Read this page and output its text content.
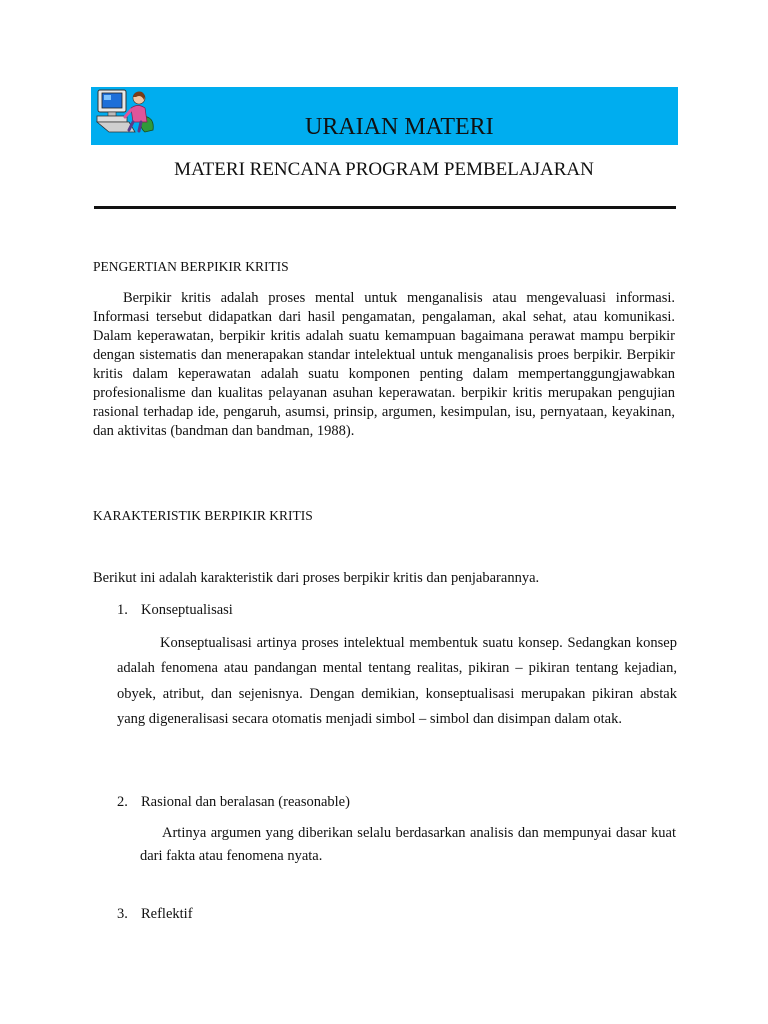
URAIAN MATERI
MATERI RENCANA PROGRAM PEMBELAJARAN
PENGERTIAN BERPIKIR KRITIS
Berpikir kritis adalah proses mental untuk menganalisis atau mengevaluasi informasi. Informasi tersebut didapatkan dari hasil pengamatan, pengalaman, akal sehat, atau komunikasi. Dalam keperawatan, berpikir kritis adalah suatu kemampuan bagaimana perawat mampu berpikir dengan sistematis dan menerapakan standar intelektual untuk menganalisis proes berpikir. Berpikir kritis dalam keperawatan adalah suatu komponen penting dalam mempertanggungjawabkan profesionalisme dan kualitas pelayanan asuhan keperawatan. berpikir kritis merupakan pengujian rasional terhadap ide, pengaruh, asumsi, prinsip, argumen, kesimpulan, isu, pernyataan, keyakinan, dan aktivitas (bandman dan bandman, 1988).
KARAKTERISTIK BERPIKIR KRITIS
Berikut ini adalah karakteristik dari proses berpikir kritis dan penjabarannya.
1. Konseptualisasi
Konseptualisasi artinya proses intelektual membentuk suatu konsep. Sedangkan konsep adalah fenomena atau pandangan mental tentang realitas, pikiran – pikiran tentang kejadian, obyek, atribut, dan sejenisnya. Dengan demikian, konseptualisasi merupakan pikiran abstak yang digeneralisasi secara otomatis menjadi simbol – simbol dan disimpan dalam otak.
2. Rasional dan beralasan (reasonable)
Artinya argumen yang diberikan selalu berdasarkan analisis dan mempunyai dasar kuat dari fakta atau fenomena nyata.
3. Reflektif
